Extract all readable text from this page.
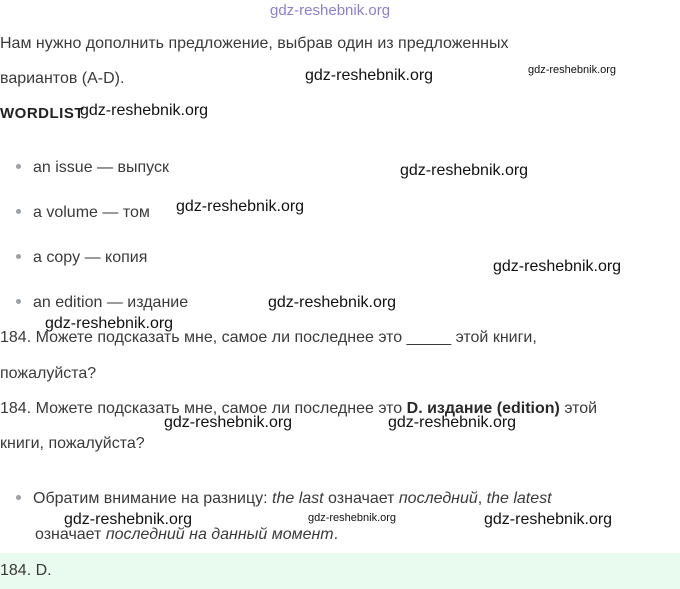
gdz-reshebnik.org
Нам нужно дополнить предложение, выбрав один из предложенных
вариантов (A-D).
WORDLIST
an issue — выпуск
a volume — том
a copy — копия
an edition — издание
184. Можете подсказать мне, самое ли последнее это _____ этой книги,
пожалуйста?
184. Можете подсказать мне, самое ли последнее это D. издание (edition) этой
книги, пожалуйста?
Обратим внимание на разницу: the last означает последний, the latest
означает последний на данный момент.
184. D.
gdz-reshebnik.org	gdz-reshebnik.org
gdz-reshebnik.org
gdz-reshebnik.org
gdz-reshebnik.org
gdz-reshebnik.org
gdz-reshebnik.org
gdz-reshebnik.org
gdz-reshebnik.org	gdz-reshebnik.org
gdz-reshebnik.org	gdz-reshebnik.org	gdz-reshebnik.org
